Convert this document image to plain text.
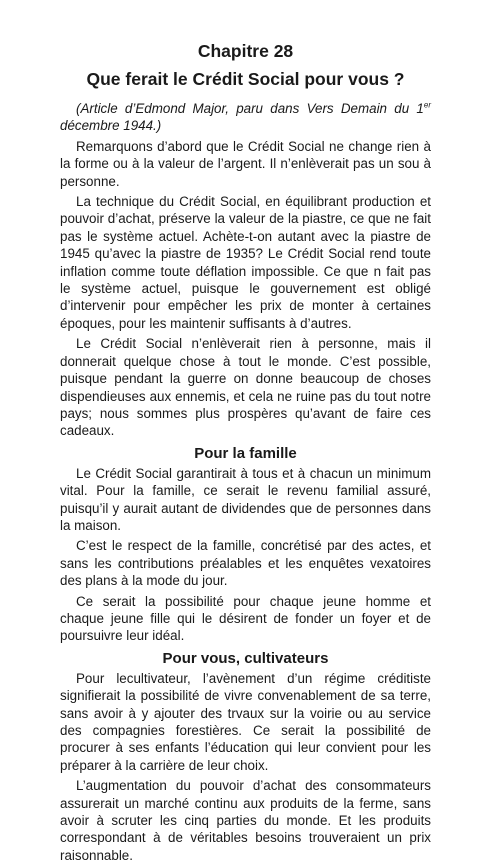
Chapitre 28
Que ferait le Crédit Social pour vous ?

(Article d’Edmond Major, paru dans Vers Demain du 1er décembre 1944.)

Remarquons d’abord que le Crédit Social ne change rien à la forme ou à la valeur de l’argent. Il n’enlèverait pas un sou à personne.

La technique du Crédit Social, en équilibrant production et pouvoir d’achat, préserve la valeur de la piastre, ce que ne fait pas le système actuel. Achète-t-on autant avec la piastre de 1945 qu’avec la piastre de 1935? Le Crédit Social rend toute inflation comme toute déflation impossible. Ce que n fait pas le système actuel, puisque le gouvernement est obligé d’intervenir pour empêcher les prix de monter à certaines époques, pour les maintenir suffisants à d’autres.

Le Crédit Social n’enlèverait rien à personne, mais il donnerait quelque chose à tout le monde. C’est possible, puisque pendant la guerre on donne beaucoup de choses dispendieuses aux ennemis, et cela ne ruine pas du tout notre pays; nous sommes plus prospères qu’avant de faire ces cadeaux.

Pour la famille

Le Crédit Social garantirait à tous et à chacun un minimum vital. Pour la famille, ce serait le revenu familial assuré, puisqu’il y aurait autant de dividendes que de personnes dans la maison.

C’est le respect de la famille, concrétisé par des actes, et sans les contributions préalables et les enquêtes vexatoires des plans à la mode du jour.

Ce serait la possibilité pour chaque jeune homme et chaque jeune fille qui le désirent de fonder un foyer et de poursuivre leur idéal.

Pour vous, cultivateurs

Pour lecultivateur, l’avènement d’un régime créditiste signifierait la possibilité de vivre convenablement de sa terre, sans avoir à y ajouter des trvaux sur la voirie ou au service des compagnies forestières. Ce serait la possibilité de procurer à ses enfants l’éducation qui leur convient pour les préparer à la carrière de leur choix.

L’augmentation du pouvoir d’achat des consommateurs assurerait un marché continu aux produits de la ferme, sans avoir à scruter les cinq parties du monde. Et les produits correspondant à de véritables besoins trouveraient un prix raisonnable.
